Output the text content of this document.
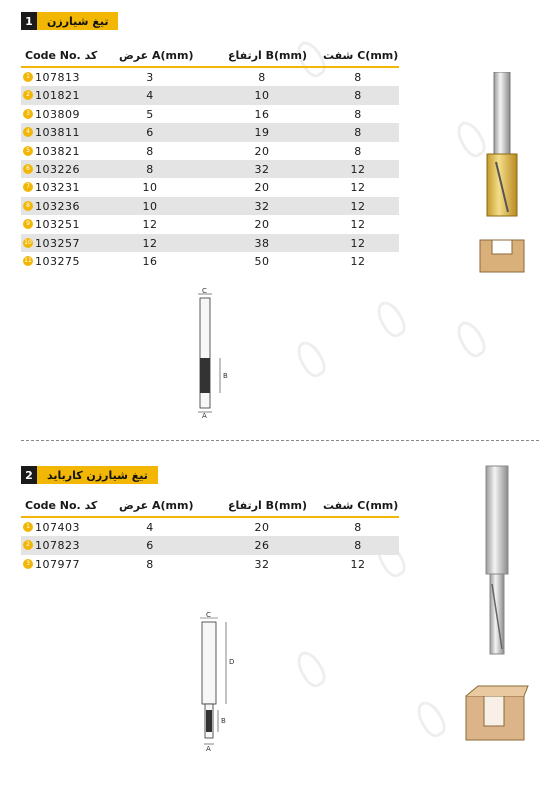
1	تیغ شیارزن
Code No. کد عرض A(mm)	ارتفاع B(mm) شفت C(mm)
1 107813	3	8	8
2 101821	4	10	8
3 103809	5	16	8
4 103811	6	19	8
5 103821	8	20	8
6 103226	8	32	12
7 103231	10	20	12
8 103236	10	32	12
9 103251	12	20	12
10 103257	12	38	12
11 103275	16	50	12
C
B
A
2	تیغ شیارزن کارباید
Code No. کد عرض A(mm)	ارتفاع B(mm) شفت C(mm)
1 107403	4	20	8
2 107823	6	26	8
3 107977	8	32	12
C
D
B
A
